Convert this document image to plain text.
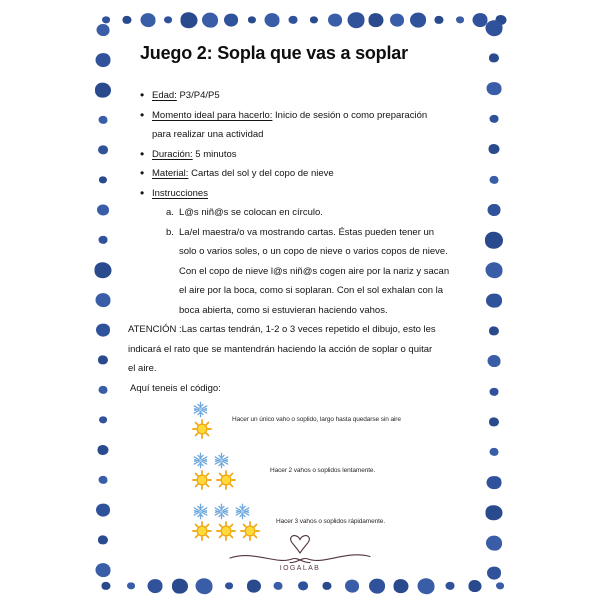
Juego 2: Sopla que vas a soplar
• Edad: P3/P4/P5
• Momento ideal para hacerlo: Inicio de sesión o como preparación
para realizar una actividad
• Duración: 5 minutos
• Material: Cartas del sol y del copo de nieve
• Instrucciones
a. L@s niñ@s se colocan en círculo.
b. La/el maestra/o va mostrando cartas. Éstas pueden tener un
solo o varios soles, o un copo de nieve o varios copos de nieve.
Con el copo de nieve l@s niñ@s cogen aire por la nariz y sacan
el aire por la boca, como si soplaran. Con el sol exhalan con la
boca abierta, como si estuvieran haciendo vahos.
ATENCIÓN :Las cartas tendrán, 1-2 o 3 veces repetido el dibujo, esto les
indicará el rato que se mantendrán haciendo la acción de soplar o quitar
el aire.
Aquí teneis el código:
Hacer un único vaho o soplido, largo hasta quedarse sin aire
Hacer 2 vahos o soplidos lentamente.
Hacer 3 vahos o soplidos rápidamente.
IOGALAB
